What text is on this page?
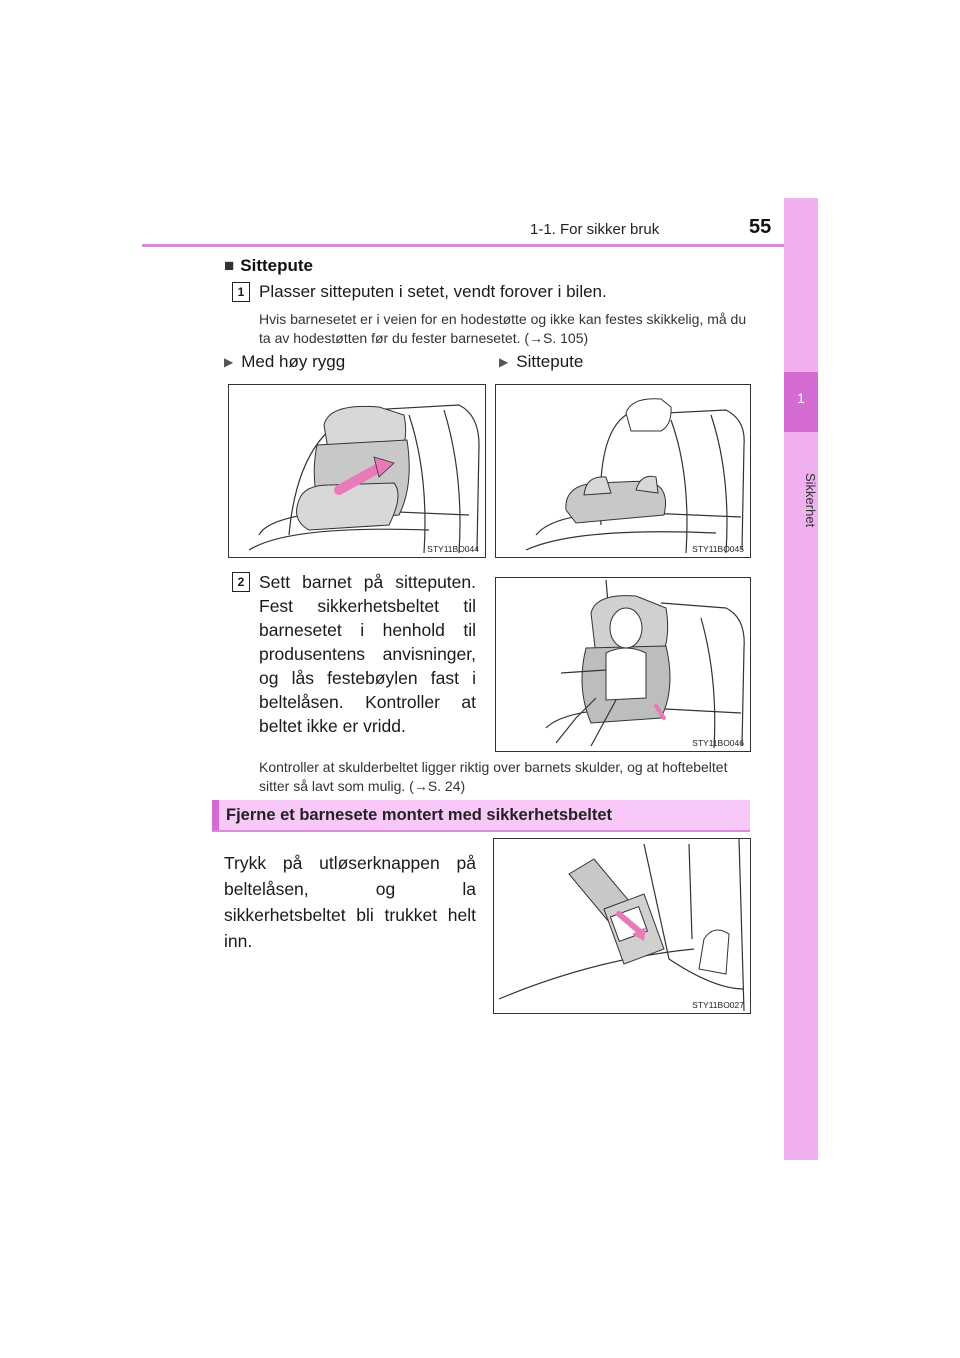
1-1. For sikker bruk	55
1
Sikkerhet
■ Sittepute
1 Plasser sitteputen i setet, vendt forover i bilen.
Hvis barnesetet er i veien for en hodestøtte og ikke kan festes skikkelig, må du ta av hodestøtten før du fester barnesetet. (→S. 105)
▶ Med høy rygg	▶ Sittepute
STY11BO044	STY11BO045
2 Sett barnet på sitteputen. Fest sikkerhetsbeltet til barnesetet i henhold til produsentens anvisninger, og lås festebøylen fast i beltelåsen. Kontroller at beltet ikke er vridd.
STY11BO046
Kontroller at skulderbeltet ligger riktig over barnets skulder, og at hoftebeltet sitter så lavt som mulig. (→S. 24)
Fjerne et barnesete montert med sikkerhetsbeltet
Trykk på utløserknappen på beltelåsen, og la sikkerhetsbeltet bli trukket helt inn.
STY11BO027
